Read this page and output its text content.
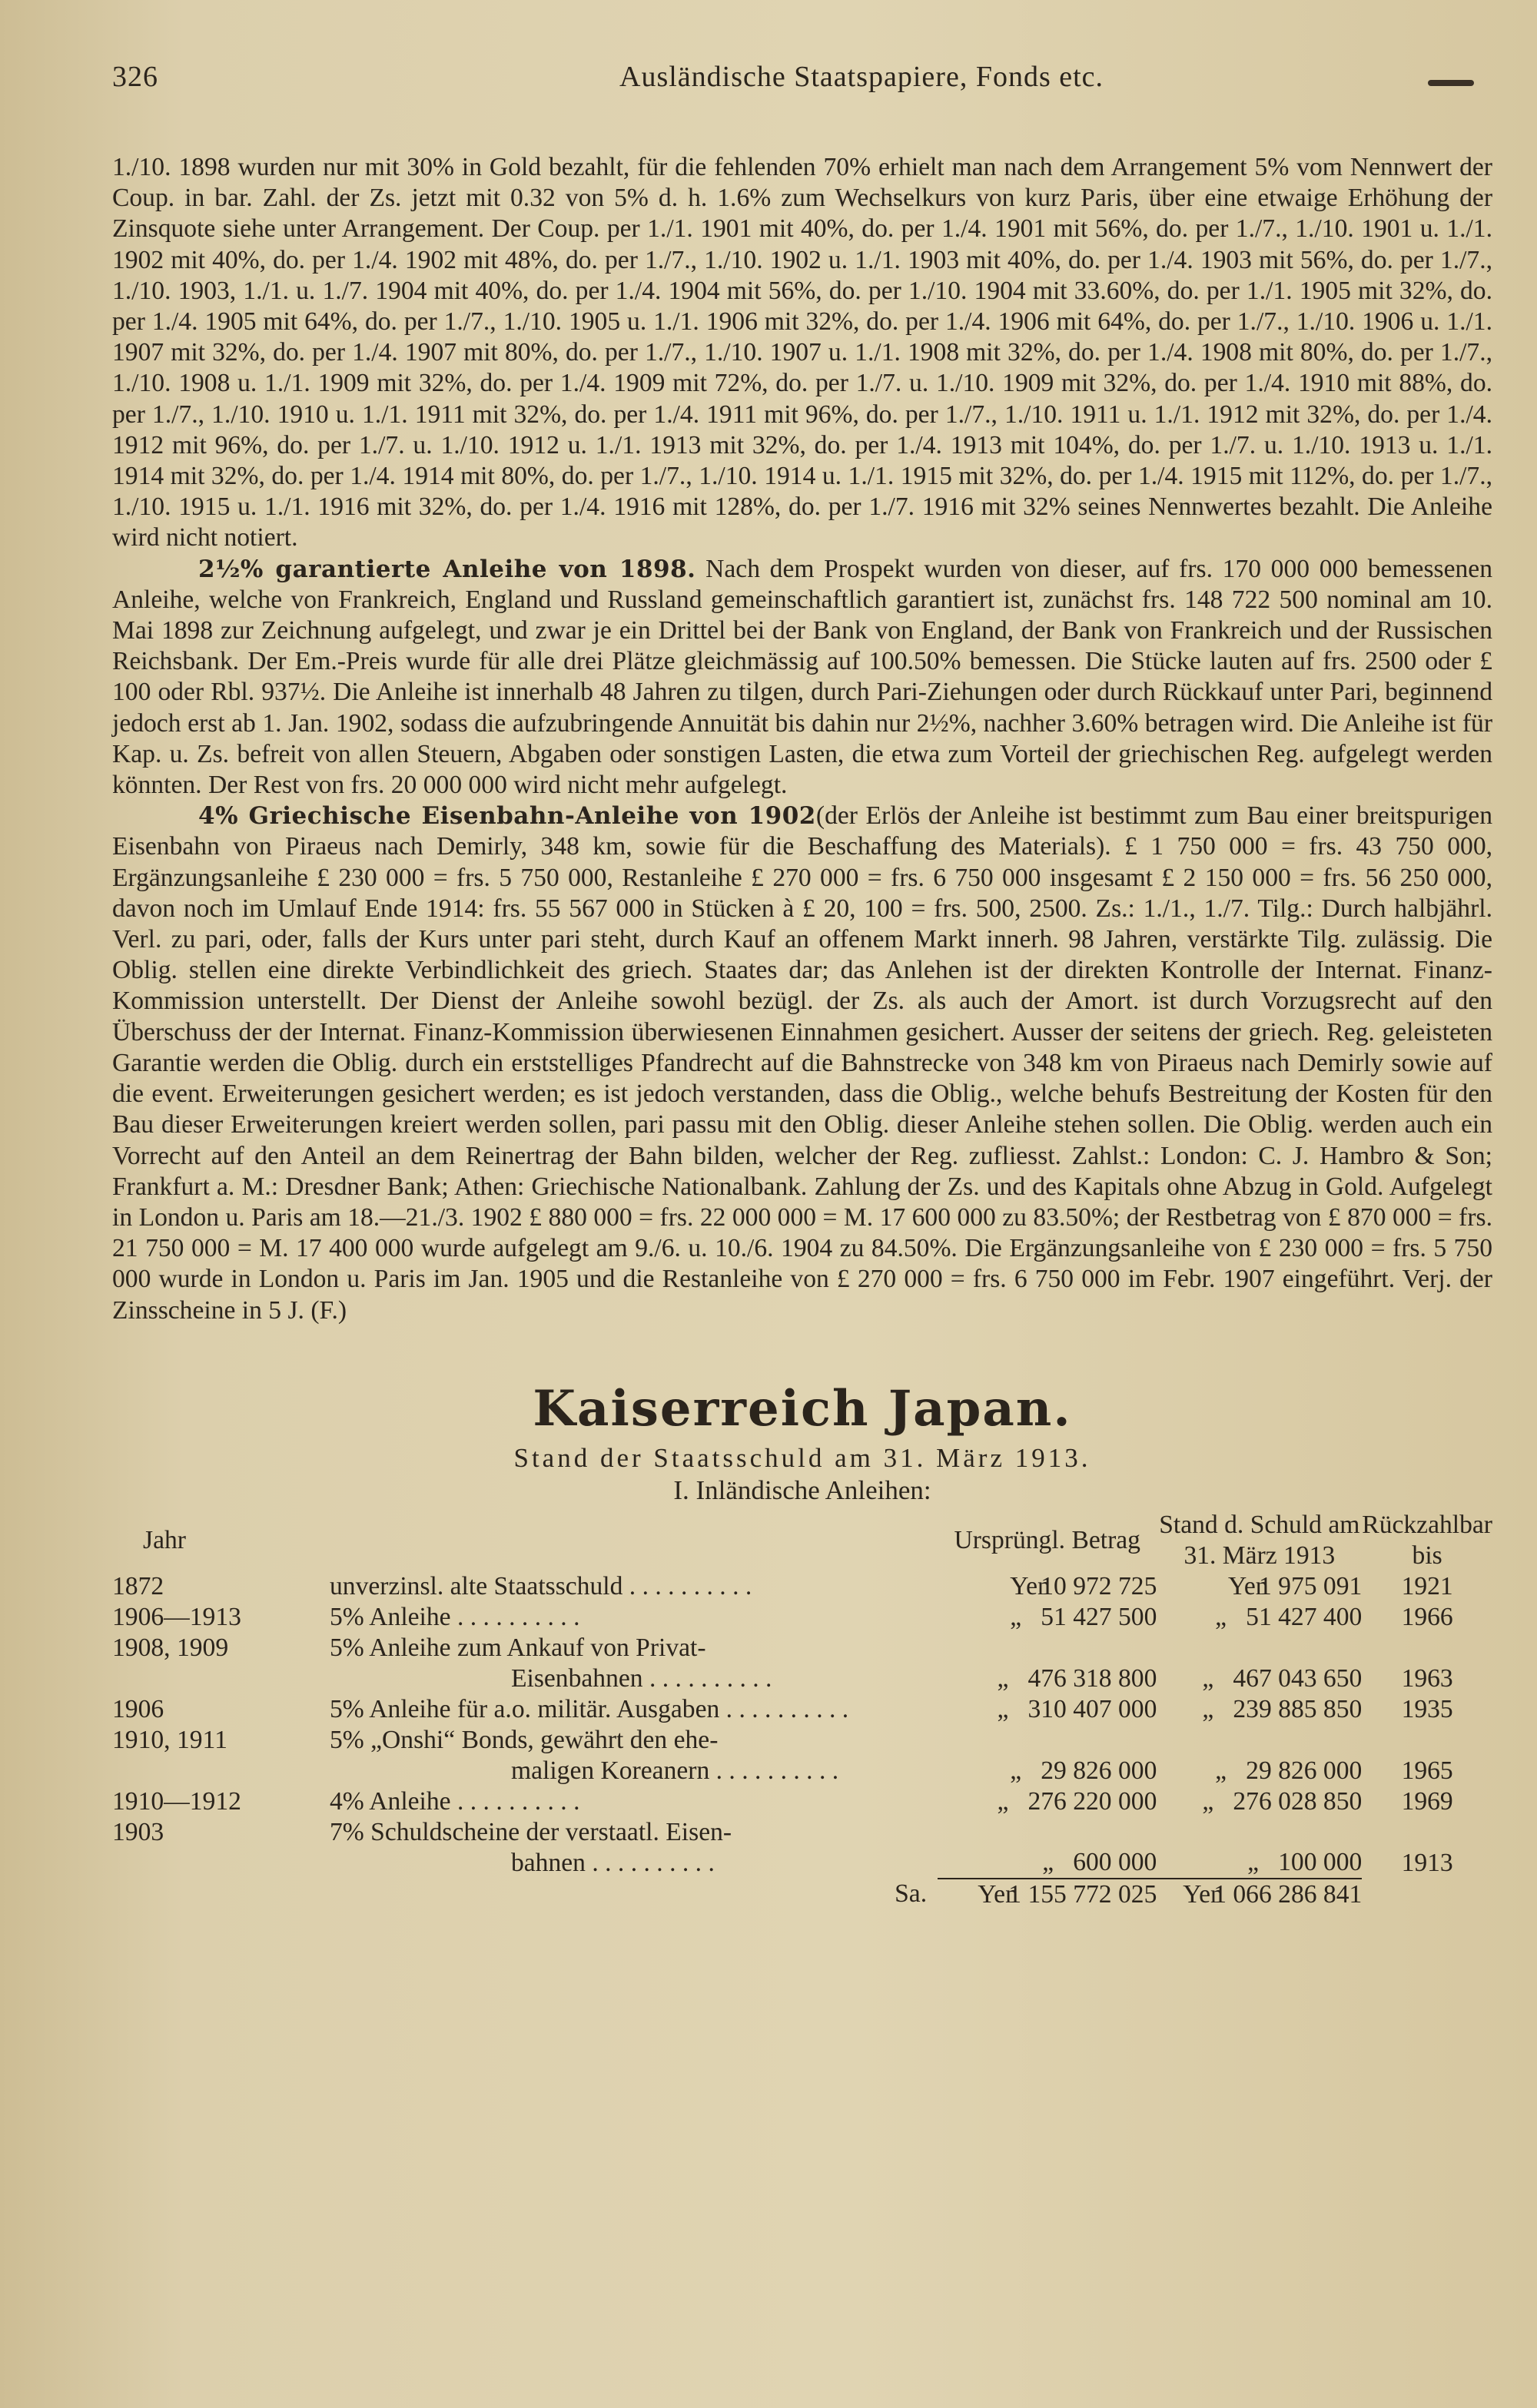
326	Ausländische Staatspapiere, Fonds etc.

1./10. 1898 wurden nur mit 30% in Gold bezahlt, für die fehlenden 70% erhielt man nach dem Arrangement 5% vom Nennwert der Coup. in bar. Zahl. der Zs. jetzt mit 0.32 von 5% d. h. 1.6% zum Wechselkurs von kurz Paris, über eine etwaige Erhöhung der Zinsquote siehe unter Arrangement. Der Coup. per 1./1. 1901 mit 40%, do. per 1./4. 1901 mit 56%, do. per 1./7., 1./10. 1901 u. 1./1. 1902 mit 40%, do. per 1./4. 1902 mit 48%, do. per 1./7., 1./10. 1902 u. 1./1. 1903 mit 40%, do. per 1./4. 1903 mit 56%, do. per 1./7., 1./10. 1903, 1./1. u. 1./7. 1904 mit 40%, do. per 1./4. 1904 mit 56%, do. per 1./10. 1904 mit 33.60%, do. per 1./1. 1905 mit 32%, do. per 1./4. 1905 mit 64%, do. per 1./7., 1./10. 1905 u. 1./1. 1906 mit 32%, do. per 1./4. 1906 mit 64%, do. per 1./7., 1./10. 1906 u. 1./1. 1907 mit 32%, do. per 1./4. 1907 mit 80%, do. per 1./7., 1./10. 1907 u. 1./1. 1908 mit 32%, do. per 1./4. 1908 mit 80%, do. per 1./7., 1./10. 1908 u. 1./1. 1909 mit 32%, do. per 1./4. 1909 mit 72%, do. per 1./7. u. 1./10. 1909 mit 32%, do. per 1./4. 1910 mit 88%, do. per 1./7., 1./10. 1910 u. 1./1. 1911 mit 32%, do. per 1./4. 1911 mit 96%, do. per 1./7., 1./10. 1911 u. 1./1. 1912 mit 32%, do. per 1./4. 1912 mit 96%, do. per 1./7. u. 1./10. 1912 u. 1./1. 1913 mit 32%, do. per 1./4. 1913 mit 104%, do. per 1./7. u. 1./10. 1913 u. 1./1. 1914 mit 32%, do. per 1./4. 1914 mit 80%, do. per 1./7., 1./10. 1914 u. 1./1. 1915 mit 32%, do. per 1./4. 1915 mit 112%, do. per 1./7., 1./10. 1915 u. 1./1. 1916 mit 32%, do. per 1./4. 1916 mit 128%, do. per 1./7. 1916 mit 32% seines Nennwertes bezahlt. Die Anleihe wird nicht notiert.

2½% garantierte Anleihe von 1898. Nach dem Prospekt wurden von dieser, auf frs. 170 000 000 bemessenen Anleihe, welche von Frankreich, England und Russland gemeinschaftlich garantiert ist, zunächst frs. 148 722 500 nominal am 10. Mai 1898 zur Zeichnung aufgelegt, und zwar je ein Drittel bei der Bank von England, der Bank von Frankreich und der Russischen Reichsbank. Der Em.-Preis wurde für alle drei Plätze gleichmässig auf 100.50% bemessen. Die Stücke lauten auf frs. 2500 oder £ 100 oder Rbl. 937½. Die Anleihe ist innerhalb 48 Jahren zu tilgen, durch Pari-Ziehungen oder durch Rückkauf unter Pari, beginnend jedoch erst ab 1. Jan. 1902, sodass die aufzubringende Annuität bis dahin nur 2½%, nachher 3.60% betragen wird. Die Anleihe ist für Kap. u. Zs. befreit von allen Steuern, Abgaben oder sonstigen Lasten, die etwa zum Vorteil der griechischen Reg. aufgelegt werden könnten. Der Rest von frs. 20 000 000 wird nicht mehr aufgelegt.

4% Griechische Eisenbahn-Anleihe von 1902(der Erlös der Anleihe ist bestimmt zum Bau einer breitspurigen Eisenbahn von Piraeus nach Demirly, 348 km, sowie für die Beschaffung des Materials). £ 1 750 000 = frs. 43 750 000, Ergänzungsanleihe £ 230 000 = frs. 5 750 000, Restanleihe £ 270 000 = frs. 6 750 000 insgesamt £ 2 150 000 = frs. 56 250 000, davon noch im Umlauf Ende 1914: frs. 55 567 000 in Stücken à £ 20, 100 = frs. 500, 2500. Zs.: 1./1., 1./7. Tilg.: Durch halbjährl. Verl. zu pari, oder, falls der Kurs unter pari steht, durch Kauf an offenem Markt innerh. 98 Jahren, verstärkte Tilg. zulässig. Die Oblig. stellen eine direkte Verbindlichkeit des griech. Staates dar; das Anlehen ist der direkten Kontrolle der Internat. Finanz-Kommission unterstellt. Der Dienst der Anleihe sowohl bezügl. der Zs. als auch der Amort. ist durch Vorzugsrecht auf den Überschuss der der Internat. Finanz-Kommission überwiesenen Einnahmen gesichert. Ausser der seitens der griech. Reg. geleisteten Garantie werden die Oblig. durch ein erststelliges Pfandrecht auf die Bahnstrecke von 348 km von Piraeus nach Demirly sowie auf die event. Erweiterungen gesichert werden; es ist jedoch verstanden, dass die Oblig., welche behufs Bestreitung der Kosten für den Bau dieser Erweiterungen kreiert werden sollen, pari passu mit den Oblig. dieser Anleihe stehen sollen. Die Oblig. werden auch ein Vorrecht auf den Anteil an dem Reinertrag der Bahn bilden, welcher der Reg. zufliesst. Zahlst.: London: C. J. Hambro & Son; Frankfurt a. M.: Dresdner Bank; Athen: Griechische Nationalbank. Zahlung der Zs. und des Kapitals ohne Abzug in Gold. Aufgelegt in London u. Paris am 18.—21./3. 1902 £ 880 000 = frs. 22 000 000 = M. 17 600 000 zu 83.50%; der Restbetrag von £ 870 000 = frs. 21 750 000 = M. 17 400 000 wurde aufgelegt am 9./6. u. 10./6. 1904 zu 84.50%. Die Ergänzungsanleihe von £ 230 000 = frs. 5 750 000 wurde in London u. Paris im Jan. 1905 und die Restanleihe von £ 270 000 = frs. 6 750 000 im Febr. 1907 eingeführt. Verj. der Zinsscheine in 5 J. (F.)

Kaiserreich Japan.

Stand der Staatsschuld am 31. März 1913.

I. Inländische Anleihen:

Jahr		Ursprüngl. Betrag	Stand d. Schuld am 31. März 1913	Rückzahlbar bis
1872	unverzinsl. alte Staatsschuld . . .	Yen10 972 725	Yen1 975 091	1921
1906—1913	5% Anleihe . . .	„ 51 427 500	„ 51 427 400	1966
1908, 1909	5% Anleihe zum Ankauf von Privat-
Eisenbahnen . . .	„ 476 318 800	„ 467 043 650	1963
1906	5% Anleihe für a.o. militär. Ausgaben . . .	„ 310 407 000	„ 239 885 850	1935
1910, 1911	5% „Onshi“ Bonds, gewährt den ehe-
maligen Koreanern . . .	„ 29 826 000	„ 29 826 000	1965
1910—1912	4% Anleihe . . .	„ 276 220 000	„ 276 028 850	1969
1903	7% Schuldscheine der verstaatl. Eisen-
bahnen . . .	„ 600 000	„ 100 000	1913
	Sa.	Yen1 155 772 025	Yen1 066 286 841	
